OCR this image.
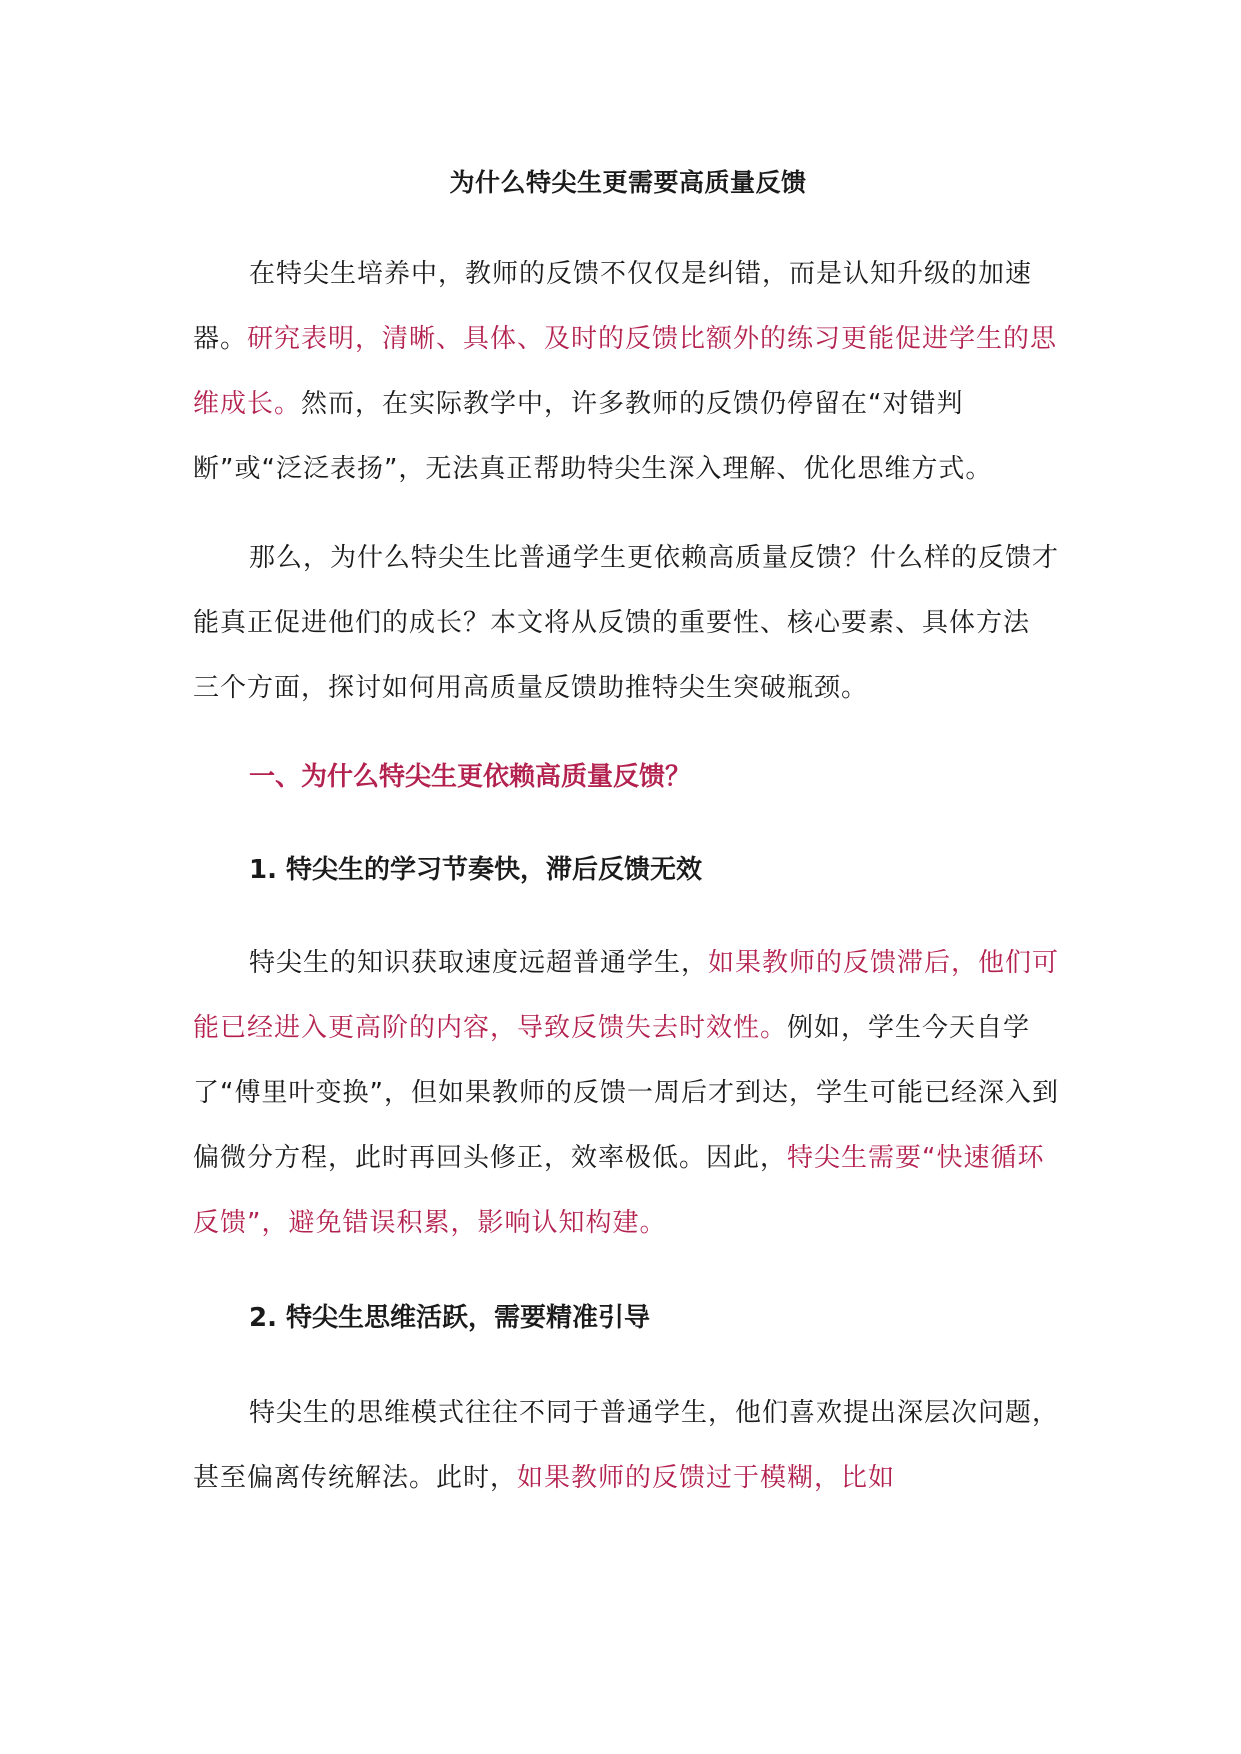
为什么特尖生更需要高质量反馈

在特尖生培养中，教师的反馈不仅仅是纠错，而是认知升级的加速器。研究表明，清晰、具体、及时的反馈比额外的练习更能促进学生的思维成长。然而，在实际教学中，许多教师的反馈仍停留在“对错判断”或“泛泛表扬”，无法真正帮助特尖生深入理解、优化思维方式。

那么，为什么特尖生比普通学生更依赖高质量反馈？什么样的反馈才能真正促进他们的成长？本文将从反馈的重要性、核心要素、具体方法 三个方面，探讨如何用高质量反馈助推特尖生突破瓶颈。

一、为什么特尖生更依赖高质量反馈？
1. 特尖生的学习节奏快，滞后反馈无效

特尖生的知识获取速度远超普通学生，如果教师的反馈滞后，他们可能已经进入更高阶的内容，导致反馈失去时效性。例如，学生今天自学了“傅里叶变换”，但如果教师的反馈一周后才到达，学生可能已经深入到偏微分方程，此时再回头修正，效率极低。因此，特尖生需要“快速循环反馈”，避免错误积累，影响认知构建。

2. 特尖生思维活跃，需要精准引导

特尖生的思维模式往往不同于普通学生，他们喜欢提出深层次问题，甚至偏离传统解法。此时，如果教师的反馈过于模糊，比如
